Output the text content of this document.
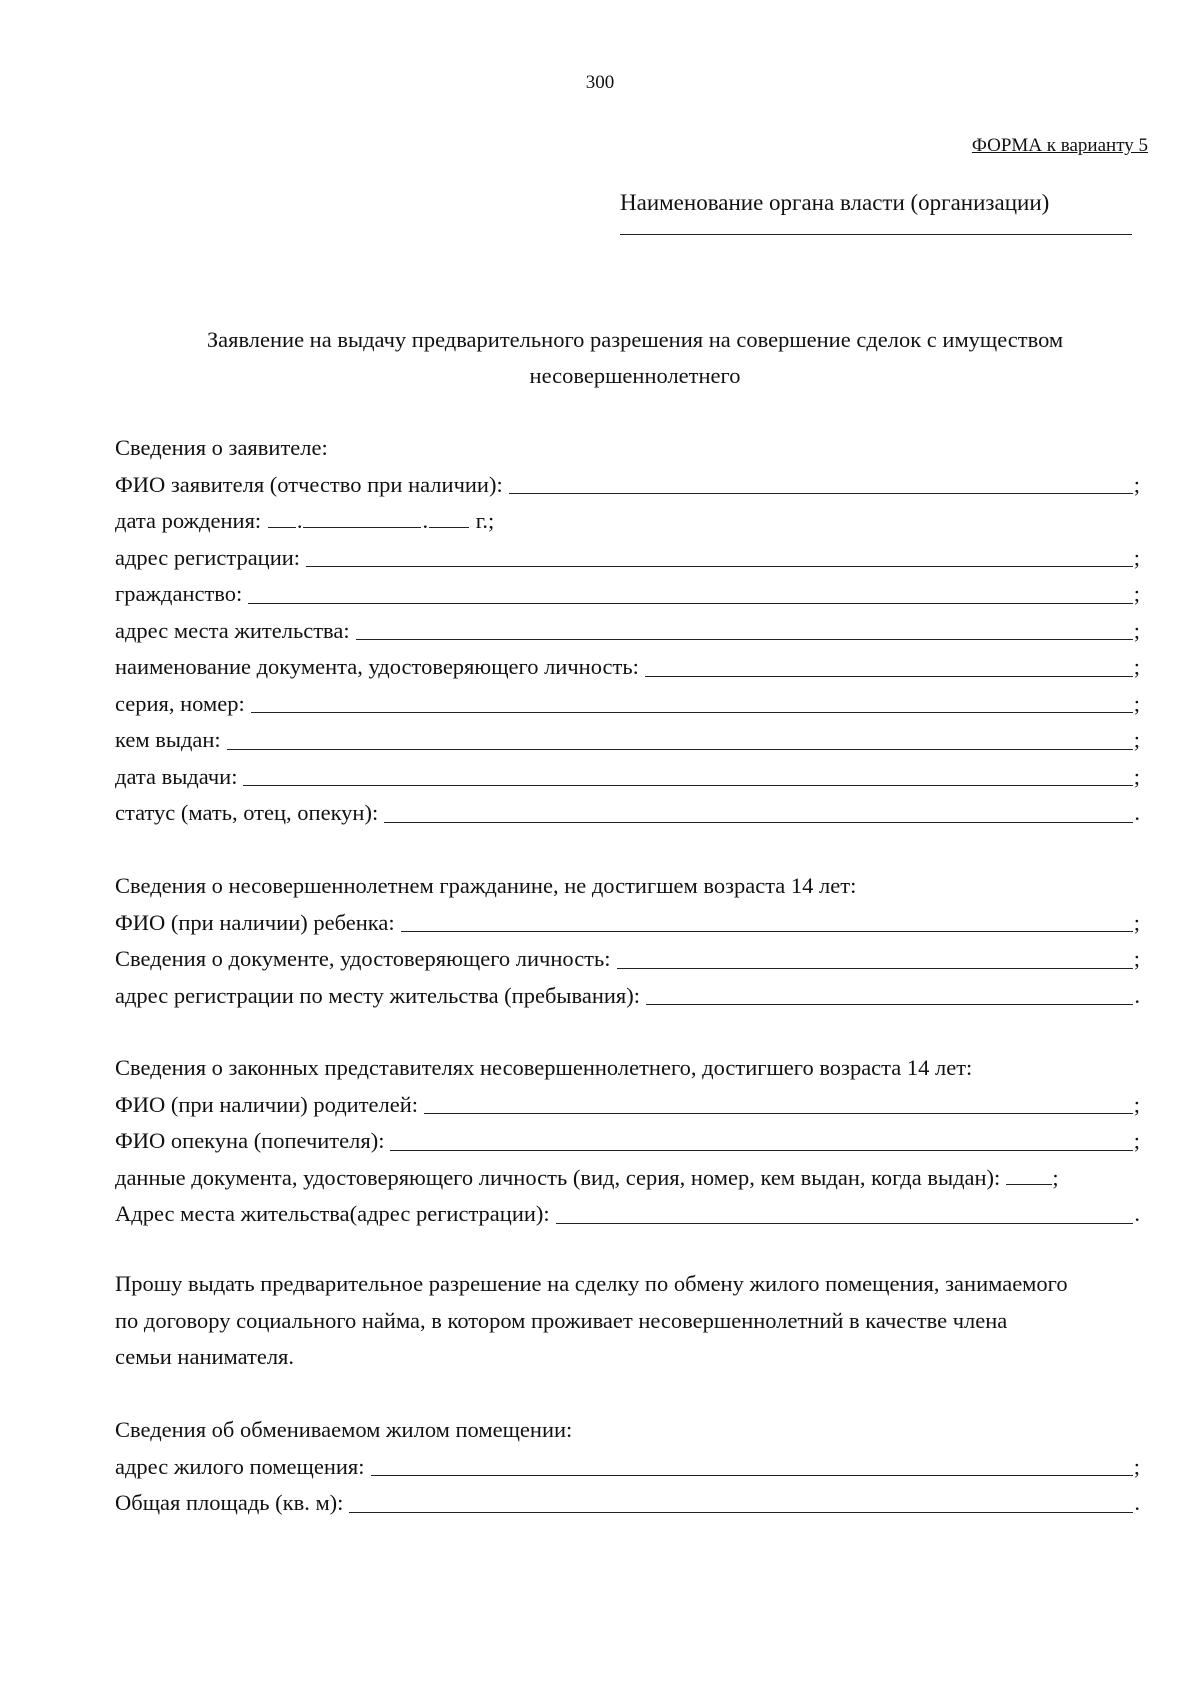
300
ФОРМА к варианту 5
Наименование органа власти (организации)
Заявление на выдачу предварительного разрешения на совершение сделок с имуществом
несовершеннолетнего
Сведения о заявителе:
ФИО заявителя (отчество при наличии):	;
дата рождения: .	. г.;
адрес регистрации:	;
гражданство:	;
адрес места жительства:	;
наименование документа, удостоверяющего личность:	;
серия, номер:	;
кем выдан:	;
дата выдачи:	;
статус (мать, отец, опекун):	.
Сведения о несовершеннолетнем гражданине, не достигшем возраста 14 лет:
ФИО (при наличии) ребенка:	;
Сведения о документе, удостоверяющего личность:	;
адрес регистрации по месту жительства (пребывания):	.
Сведения о законных представителях несовершеннолетнего, достигшего возраста 14 лет:
ФИО (при наличии) родителей:	;
ФИО опекуна (попечителя):	;
данные документа, удостоверяющего личность (вид, серия, номер, кем выдан, когда выдан): ;
Адрес места жительства(адрес регистрации):	.
Прошу выдать предварительное разрешение на сделку по обмену жилого помещения, занимаемого
по договору социального найма, в котором проживает несовершеннолетний в качестве члена
семьи нанимателя.
Сведения об обмениваемом жилом помещении:
адрес жилого помещения:	;
Общая площадь (кв. м):	.
